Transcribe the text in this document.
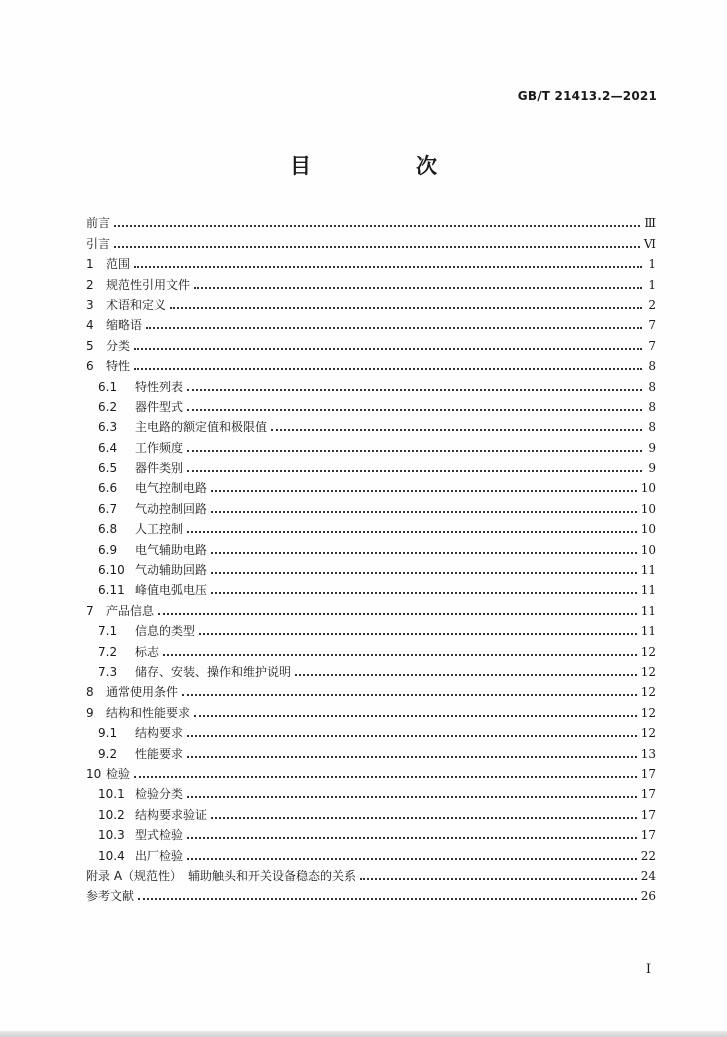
GB/T 21413.2—2021
目　次
前言	Ⅲ
引言	Ⅵ
1	范围	1
2	规范性引用文件	1
3	术语和定义	2
4	缩略语	7
5	分类	7
6	特性	8
6.1	特性列表	8
6.2	器件型式	8
6.3	主电路的额定值和极限值	8
6.4	工作频度	9
6.5	器件类别	9
6.6	电气控制电路	10
6.7	气动控制回路	10
6.8	人工控制	10
6.9	电气辅助电路	10
6.10 气动辅助回路	11
6.11 峰值电弧电压	11
7	产品信息	11
7.1	信息的类型	11
7.2	标志	12
7.3	储存、安装、操作和维护说明	12
8	通常使用条件	12
9	结构和性能要求	12
9.1	结构要求	12
9.2	性能要求	13
10 检验	17
10.1 检验分类	17
10.2 结构要求验证	17
10.3 型式检验	17
10.4 出厂检验	22
附录 A（规范性）　辅助触头和开关设备稳态的关系	24
参考文献	26
I
